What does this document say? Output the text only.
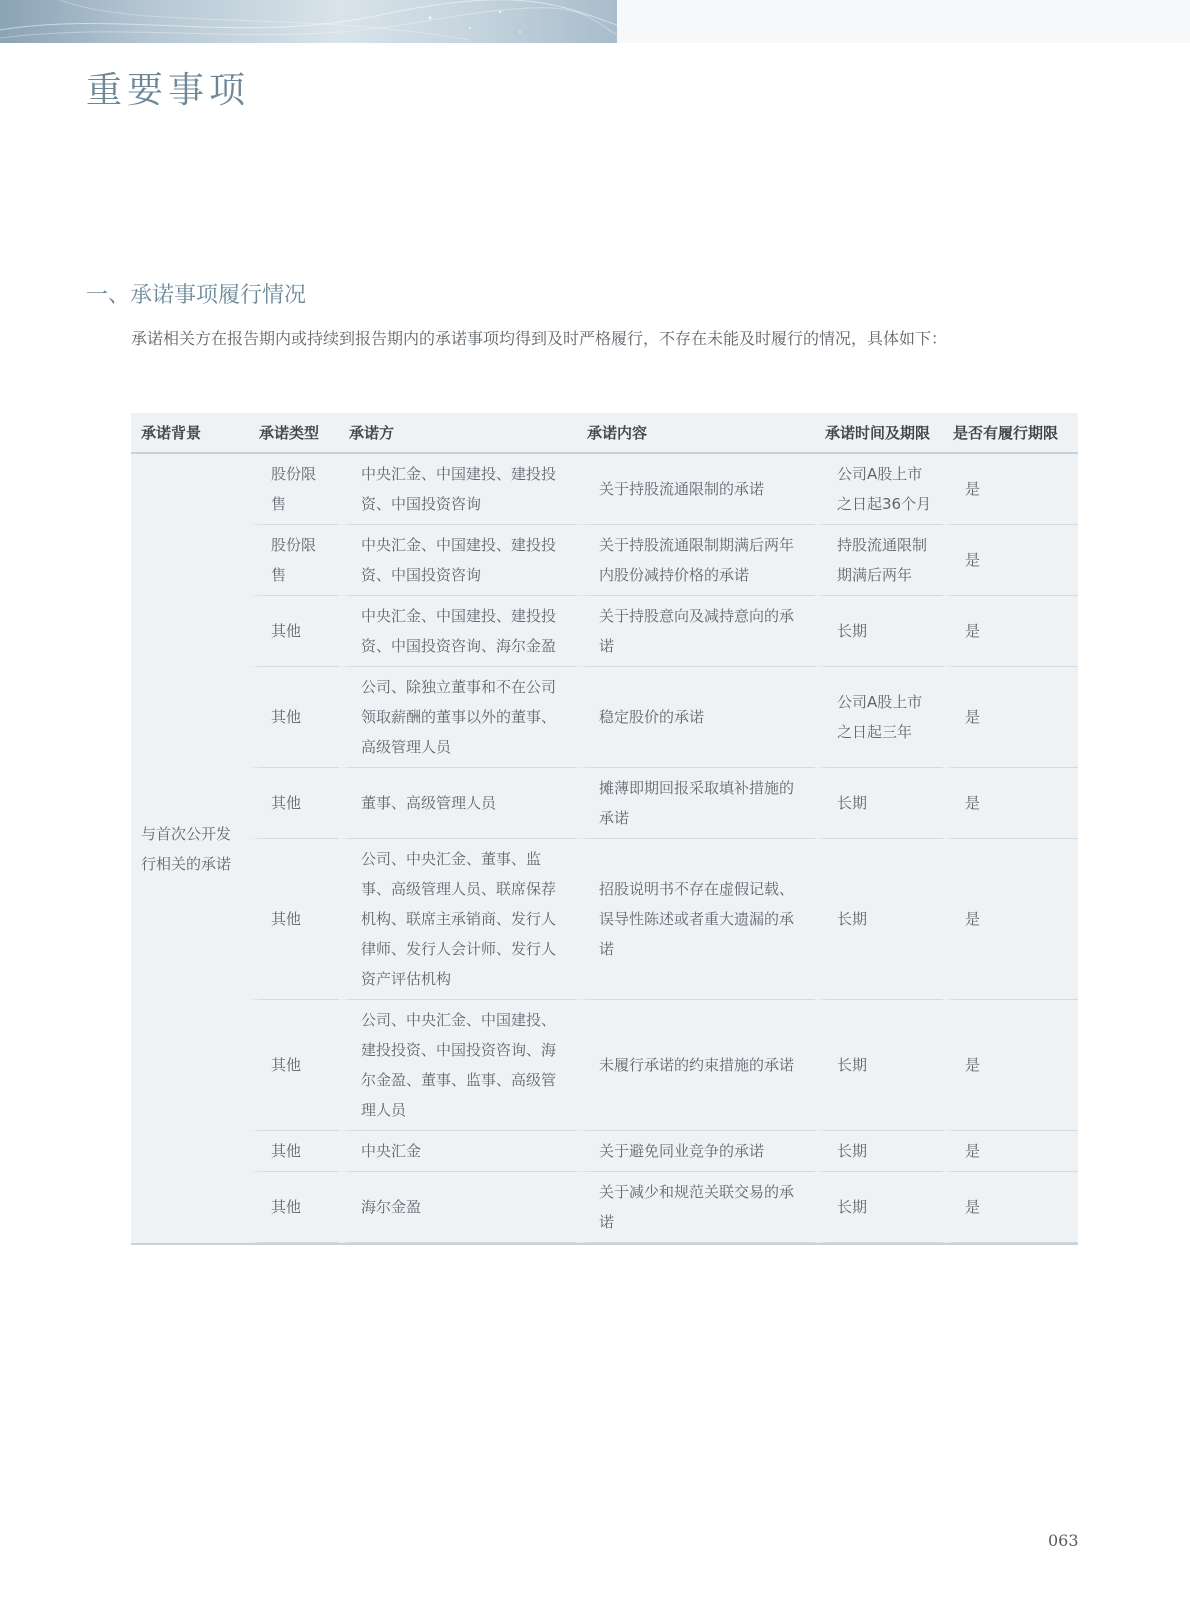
重要事项
一、承诺事项履行情况

承诺相关方在报告期内或持续到报告期内的承诺事项均得到及时严格履行，不存在未能及时履行的情况，具体如下：

承诺背景	承诺类型	承诺方	承诺内容	承诺时间及期限	是否有履行期限
与首次公开发行相关的承诺	股份限售	中央汇金、中国建投、建投投资、中国投资咨询	关于持股流通限制的承诺	公司A股上市之日起36个月	是
	股份限售	中央汇金、中国建投、建投投资、中国投资咨询	关于持股流通限制期满后两年内股份减持价格的承诺	持股流通限制期满后两年	是
	其他	中央汇金、中国建投、建投投资、中国投资咨询、海尔金盈	关于持股意向及减持意向的承诺	长期	是
	其他	公司、除独立董事和不在公司领取薪酬的董事以外的董事、高级管理人员	稳定股价的承诺	公司A股上市之日起三年	是
	其他	董事、高级管理人员	摊薄即期回报采取填补措施的承诺	长期	是
	其他	公司、中央汇金、董事、监事、高级管理人员、联席保荐机构、联席主承销商、发行人律师、发行人会计师、发行人资产评估机构	招股说明书不存在虚假记载、误导性陈述或者重大遗漏的承诺	长期	是
	其他	公司、中央汇金、中国建投、建投投资、中国投资咨询、海尔金盈、董事、监事、高级管理人员	未履行承诺的约束措施的承诺	长期	是
	其他	中央汇金	关于避免同业竞争的承诺	长期	是
	其他	海尔金盈	关于减少和规范关联交易的承诺	长期	是
063
